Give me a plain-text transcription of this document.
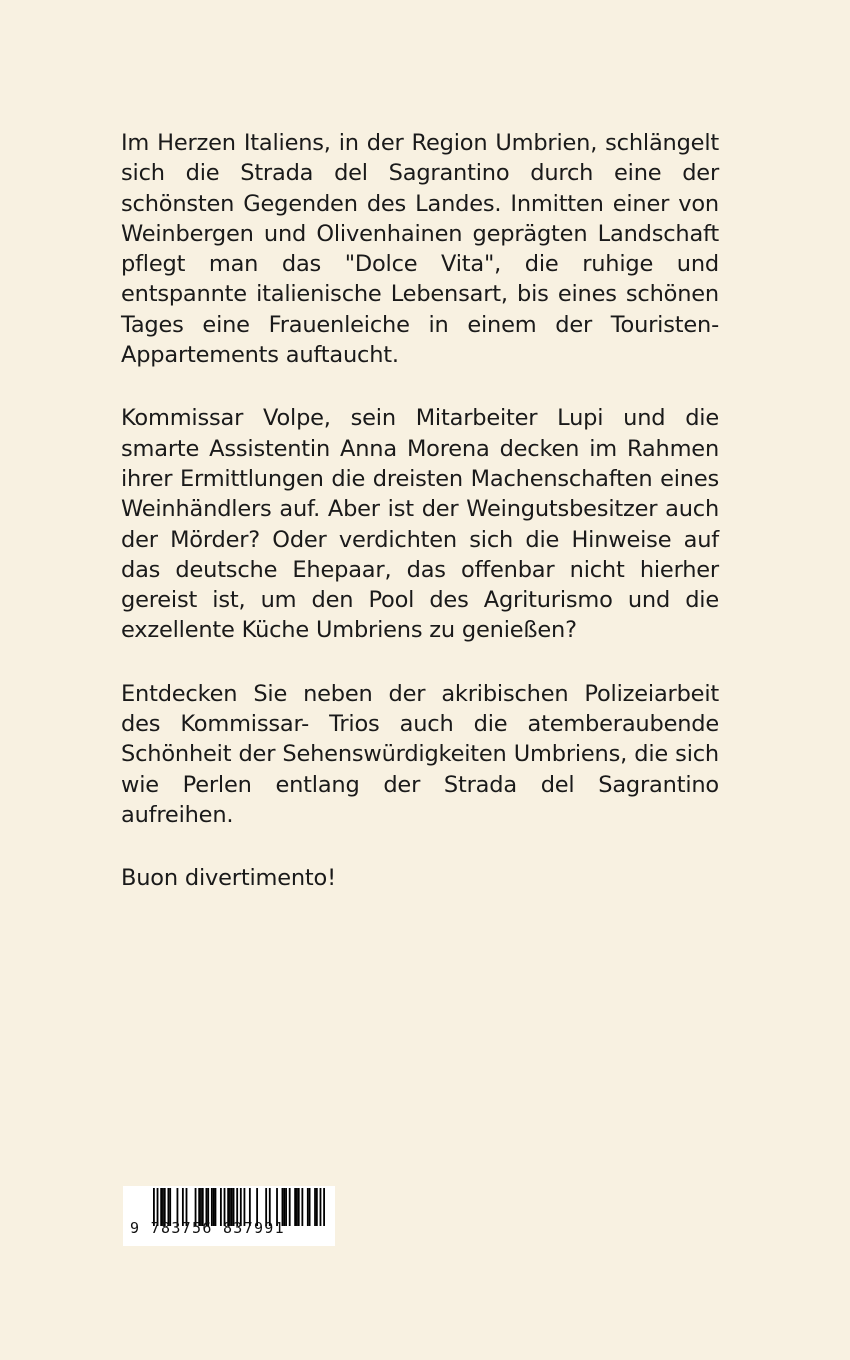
Im Herzen Italiens, in der Region Umbrien, schlängelt sich die Strada del Sagrantino durch eine der schönsten Gegenden des Landes. Inmitten einer von Weinbergen und Olivenhainen geprägten Landschaft pflegt man das "Dolce Vita", die ruhige und entspannte italienische Lebensart, bis eines schönen Tages eine Frauenleiche in einem der Touristen-Appartements auftaucht.

Kommissar Volpe, sein Mitarbeiter Lupi und die smarte Assistentin Anna Morena decken im Rahmen ihrer Ermittlungen die dreisten Machenschaften eines Weinhändlers auf. Aber ist der Weingutsbesitzer auch der Mörder? Oder verdichten sich die Hinweise auf das deutsche Ehepaar, das offenbar nicht hierher gereist ist, um den Pool des Agriturismo und die exzellente Küche Umbriens zu genießen?

Entdecken Sie neben der akribischen Polizeiarbeit des Kommissar- Trios auch die atemberaubende Schönheit der Sehenswürdigkeiten Umbriens, die sich wie Perlen entlang der Strada del Sagrantino aufreihen.

Buon divertimento!

9 783756 837991
